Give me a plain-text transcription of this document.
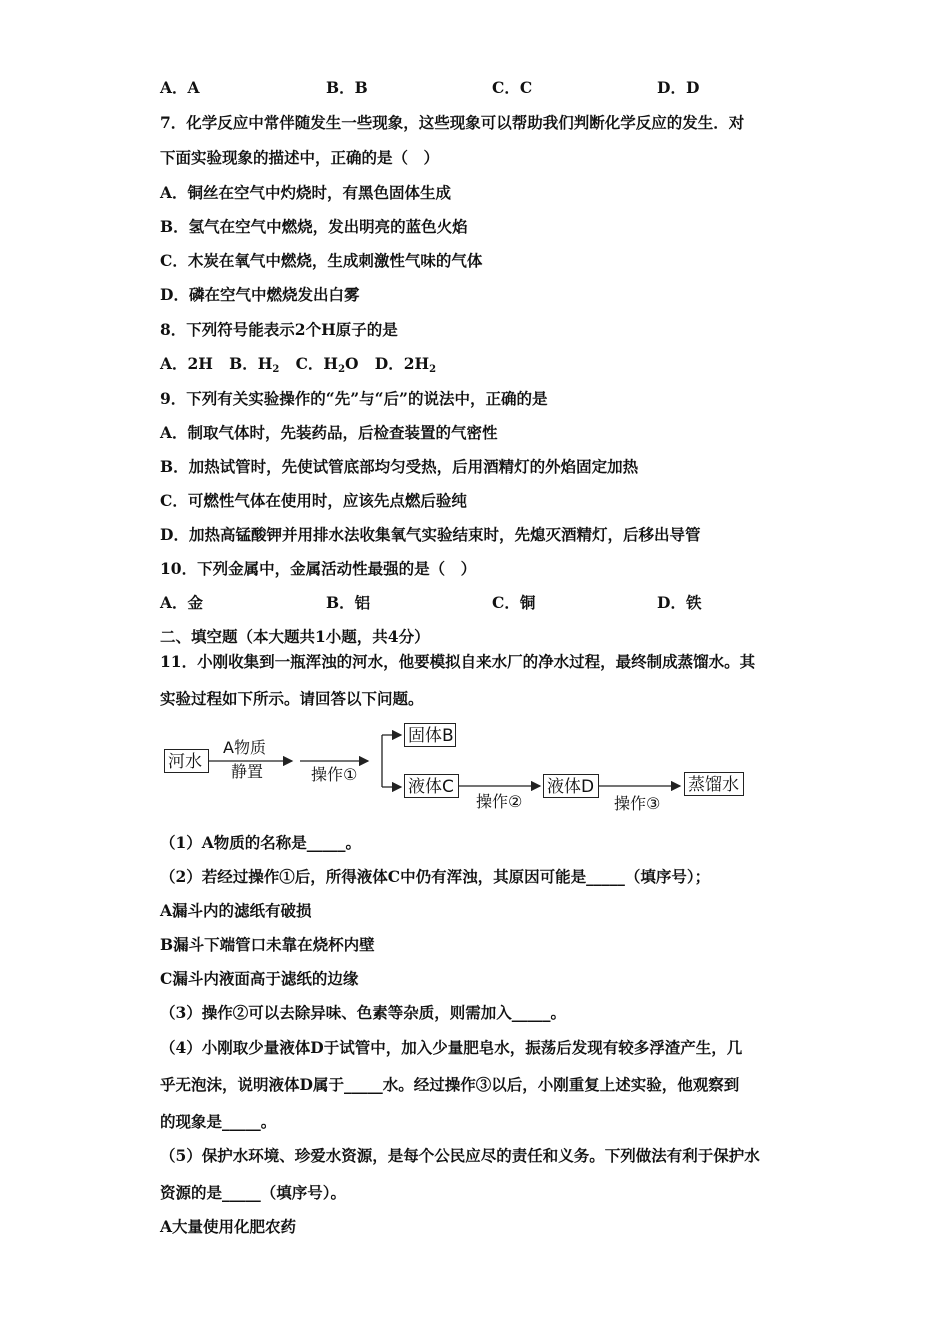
A．A	B．B	C．C	D．D
7．化学反应中常伴随发生一些现象，这些现象可以帮助我们判断化学反应的发生．对
下面实验现象的描述中，正确的是（　）
A．铜丝在空气中灼烧时，有黑色固体生成
B．氢气在空气中燃烧，发出明亮的蓝色火焰
C．木炭在氧气中燃烧，生成刺激性气味的气体
D．磷在空气中燃烧发出白雾
8．下列符号能表示2个H原子的是
A．2H B．$H_2$ C．$H_2O$ D．$2H_2$
9．下列有关实验操作的“先”与“后”的说法中，正确的是
A．制取气体时，先装药品，后检查装置的气密性
B．加热试管时，先使试管底部均匀受热，后用酒精灯的外焰固定加热
C．可燃性气体在使用时，应该先点燃后验纯
D．加热高锰酸钾并用排水法收集氧气实验结束时，先熄灭酒精灯，后移出导管
10．下列金属中，金属活动性最强的是（　）
A．金	B．铝	C．铜	D．铁
二、填空题（本大题共1小题，共4分）
11．小刚收集到一瓶浑浊的河水，他要模拟自来水厂的净水过程，最终制成蒸馏水。其
实验过程如下所示。请回答以下问题。
河水
A物质
静置	操作①
固体B
液体C
操作②
液体D
操作③
蒸馏水
（1）A物质的名称是_____。
（2）若经过操作①后，所得液体C中仍有浑浊，其原因可能是_____（填序号）；
A漏斗内的滤纸有破损
B漏斗下端管口未靠在烧杯内壁
C漏斗内液面高于滤纸的边缘
（3）操作②可以去除异味、色素等杂质，则需加入_____。
（4）小刚取少量液体D于试管中，加入少量肥皂水，振荡后发现有较多浮渣产生，几
乎无泡沫，说明液体D属于_____水。经过操作③以后，小刚重复上述实验，他观察到
的现象是_____。
（5）保护水环境、珍爱水资源，是每个公民应尽的责任和义务。下列做法有利于保护水
资源的是_____（填序号）。
A大量使用化肥农药
